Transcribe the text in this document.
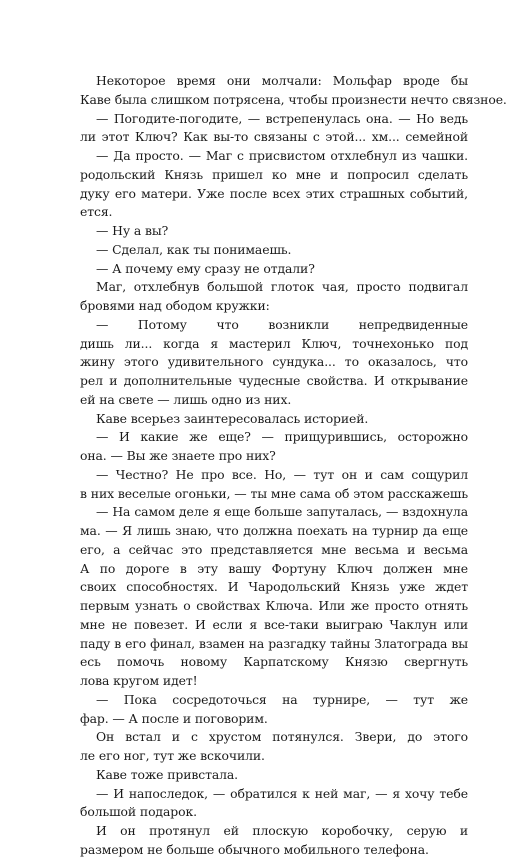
Некоторое время они молчали: Мольфар вроде бы
Каве была слишком потрясена, чтобы произнести нечто связное.
— Погодите-погодите, — встрепенулась она. — Но ведь
ли этот Ключ? Как вы-то связаны с этой... хм... семейной
— Да просто. — Маг с присвистом отхлебнул из чашки.
родольский Князь пришел ко мне и попросил сделать
дуку его матери. Уже после всех этих страшных событий,
ется.
— Ну а вы?
— Сделал, как ты понимаешь.
— А почему ему сразу не отдали?
Маг, отхлебнув большой глоток чая, просто подвигал
бровями над ободом кружки:
— Потому что возникли непредвиденные
дишь ли... когда я мастерил Ключ, точнехонько под
жину этого удивительного сундука... то оказалось, что
рел и дополнительные чудесные свойства. И открывание
ей на свете — лишь одно из них.
Каве всерьез заинтересовалась историей.
— И какие же еще? — прищурившись, осторожно
она. — Вы же знаете про них?
— Честно? Не про все. Но, — тут он и сам сощурил
в них веселые огоньки, — ты мне сама об этом расскажешь
— На самом деле я еще больше запуталась, — вздохнула
ма. — Я лишь знаю, что должна поехать на турнир да еще
его, а сейчас это представляется мне весьма и весьма
А по дороге в эту вашу Фортуну Ключ должен мне
своих способностях. И Чародольский Князь уже ждет
первым узнать о свойствах Ключа. Или же просто отнять
мне не повезет. И если я все-таки выиграю Чаклун или
паду в его финал, взамен на разгадку тайны Златограда вы
есь помочь новому Карпатскому Князю свергнуть
лова кругом идет!
— Пока сосредоточься на турнире, — тут же
фар. — А после и поговорим.
Он встал и с хрустом потянулся. Звери, до этого
ле его ног, тут же вскочили.
Каве тоже привстала.
— И напоследок, — обратился к ней маг, — я хочу тебе
большой подарок.
И он протянул ей плоскую коробочку, серую и
размером не больше обычного мобильного телефона.
